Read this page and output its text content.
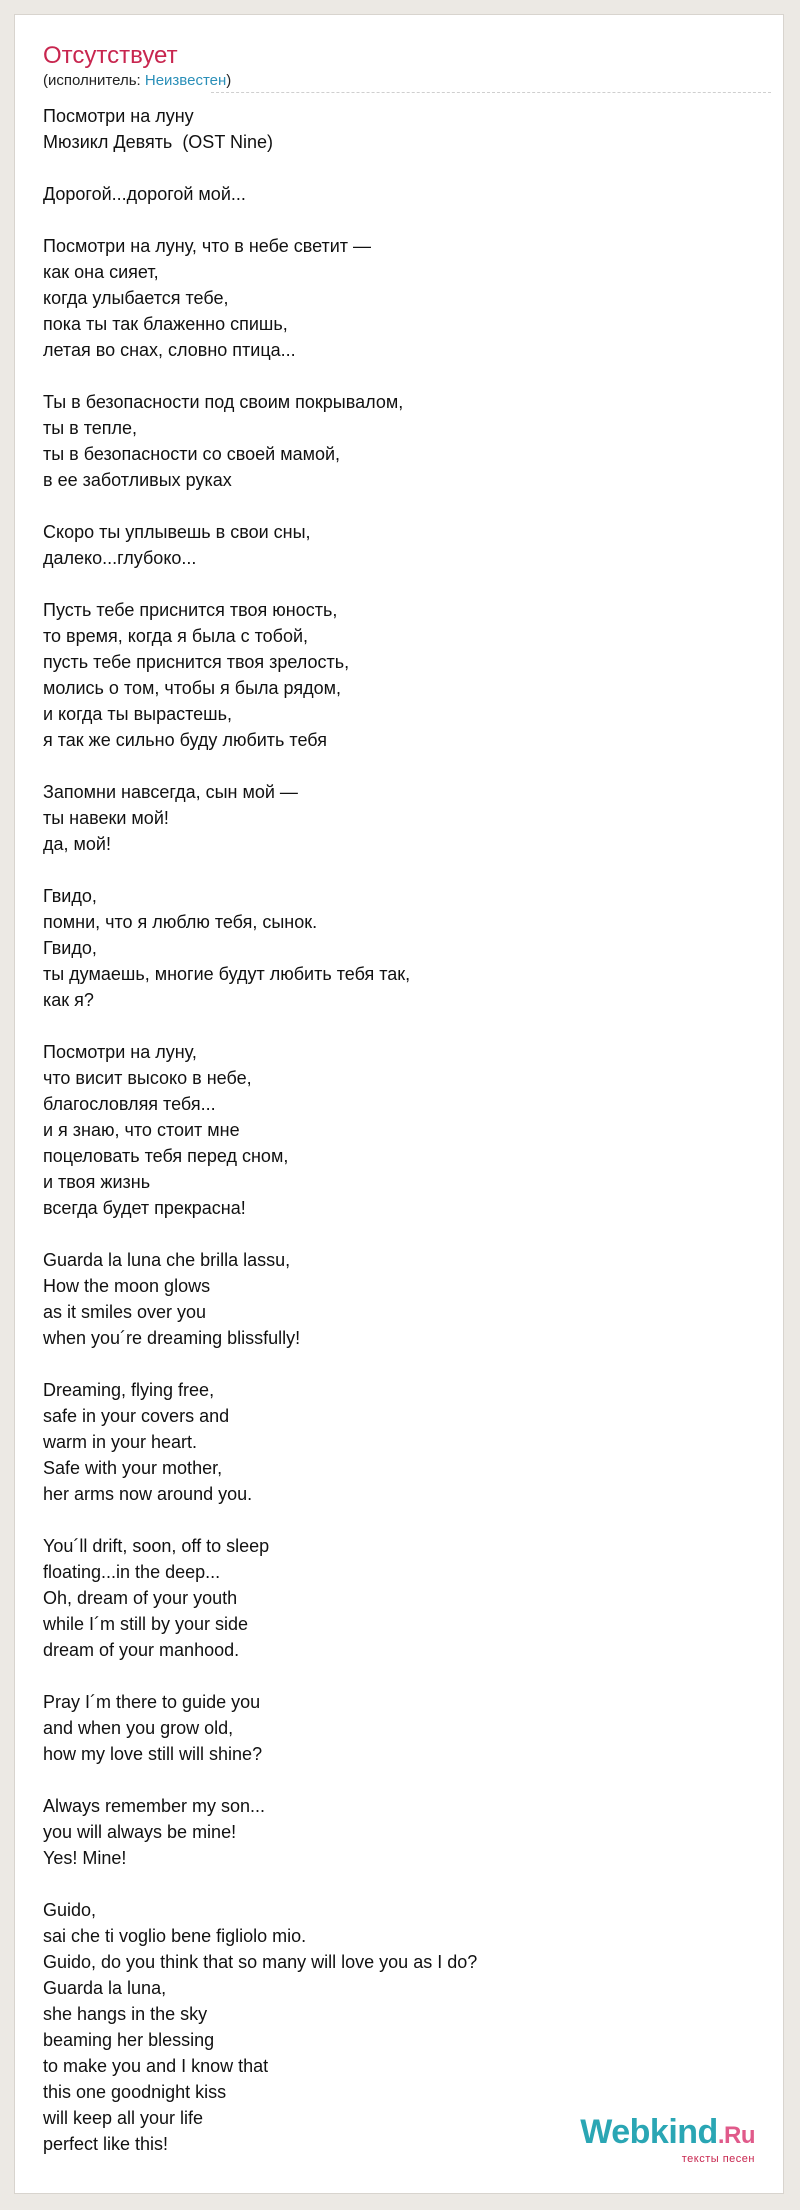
Отсутствует
(исполнитель: Неизвестен)
Посмотри на луну
Мюзикл Девять  (OST Nine)
Дорогой...дорогой мой...
Посмотри на луну, что в небе светит —
как она сияет,
когда улыбается тебе,
пока ты так блаженно спишь,
летая во снах, словно птица...
Ты в безопасности под своим покрывалом,
ты в тепле,
ты в безопасности со своей мамой,
в ее заботливых руках
Скоро ты уплывешь в свои сны,
далеко...глубоко...
Пусть тебе приснится твоя юность,
то время, когда я была с тобой,
пусть тебе приснится твоя зрелость,
молись о том, чтобы я была рядом,
и когда ты вырастешь,
я так же сильно буду любить тебя
Запомни навсегда, сын мой —
ты навеки мой!
да, мой!
Гвидо,
помни, что я люблю тебя, сынок.
Гвидо,
ты думаешь, многие будут любить тебя так,
как я?
Посмотри на луну,
что висит высоко в небе,
благословляя тебя...
и я знаю, что стоит мне
поцеловать тебя перед сном,
и твоя жизнь
всегда будет прекрасна!
Guarda la luna che brilla lassu,
How the moon glows
as it smiles over you
when you´re dreaming blissfully!
Dreaming, flying free,
safe in your covers and
warm in your heart.
Safe with your mother,
her arms now around you.
You´ll drift, soon, off to sleep
floating...in the deep...
Oh, dream of your youth
while I´m still by your side
dream of your manhood.
Pray I´m there to guide you
and when you grow old,
how my love still will shine?
Always remember my son...
you will always be mine!
Yes! Mine!
Guido,
sai che ti voglio bene figliolo mio.
Guido, do you think that so many will love you as I do?
Guarda la luna,
she hangs in the sky
beaming her blessing
to make you and I know that
this one goodnight kiss
will keep all your life
perfect like this!	Webkind.Ru
тексты песен
